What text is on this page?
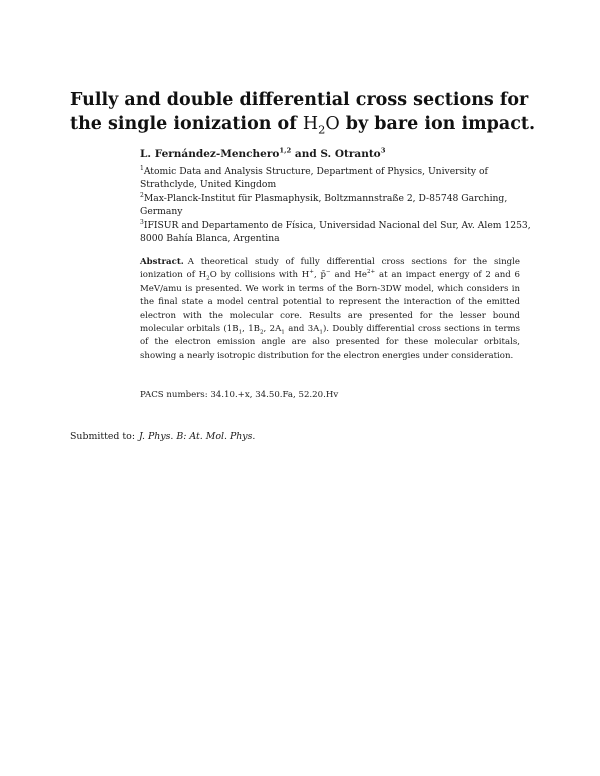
Fully and double differential cross sections for the single ionization of $H_2O$ by bare ion impact.
L. Fernández-Menchero$^{1,2}$ and S. Otranto$^3$

$^1$Atomic Data and Analysis Structure, Department of Physics, University of Strathclyde, United Kingdom

$^2$Max-Planck-Institut für Plasmaphysik, Boltzmannstraße 2, D-85748 Garching, Germany

$^3$IFISUR and Departamento de Física, Universidad Nacional del Sur, Av. Alem 1253, 8000 Bahía Blanca, Argentina

Abstract. A theoretical study of fully differential cross sections for the single ionization of $H_2O$ by collisions with H+, p̄− and $He^{2+}$ at an impact energy of 2 and 6 MeV/amu is presented. We work in terms of the Born-3DW model, which considers in the final state a model central potential to represent the interaction of the emitted electron with the molecular core. Results are presented for the lesser bound molecular orbitals ($1B_1$, $1B_2$, $2A_1$ and $3A_1$). Doubly differential cross sections in terms of the electron emission angle are also presented for these molecular orbitals, showing a nearly isotropic distribution for the electron energies under consideration.
PACS numbers: 34.10.+x, 34.50.Fa, 52.20.Hv
Submitted to: J. Phys. B: At. Mol. Phys.
